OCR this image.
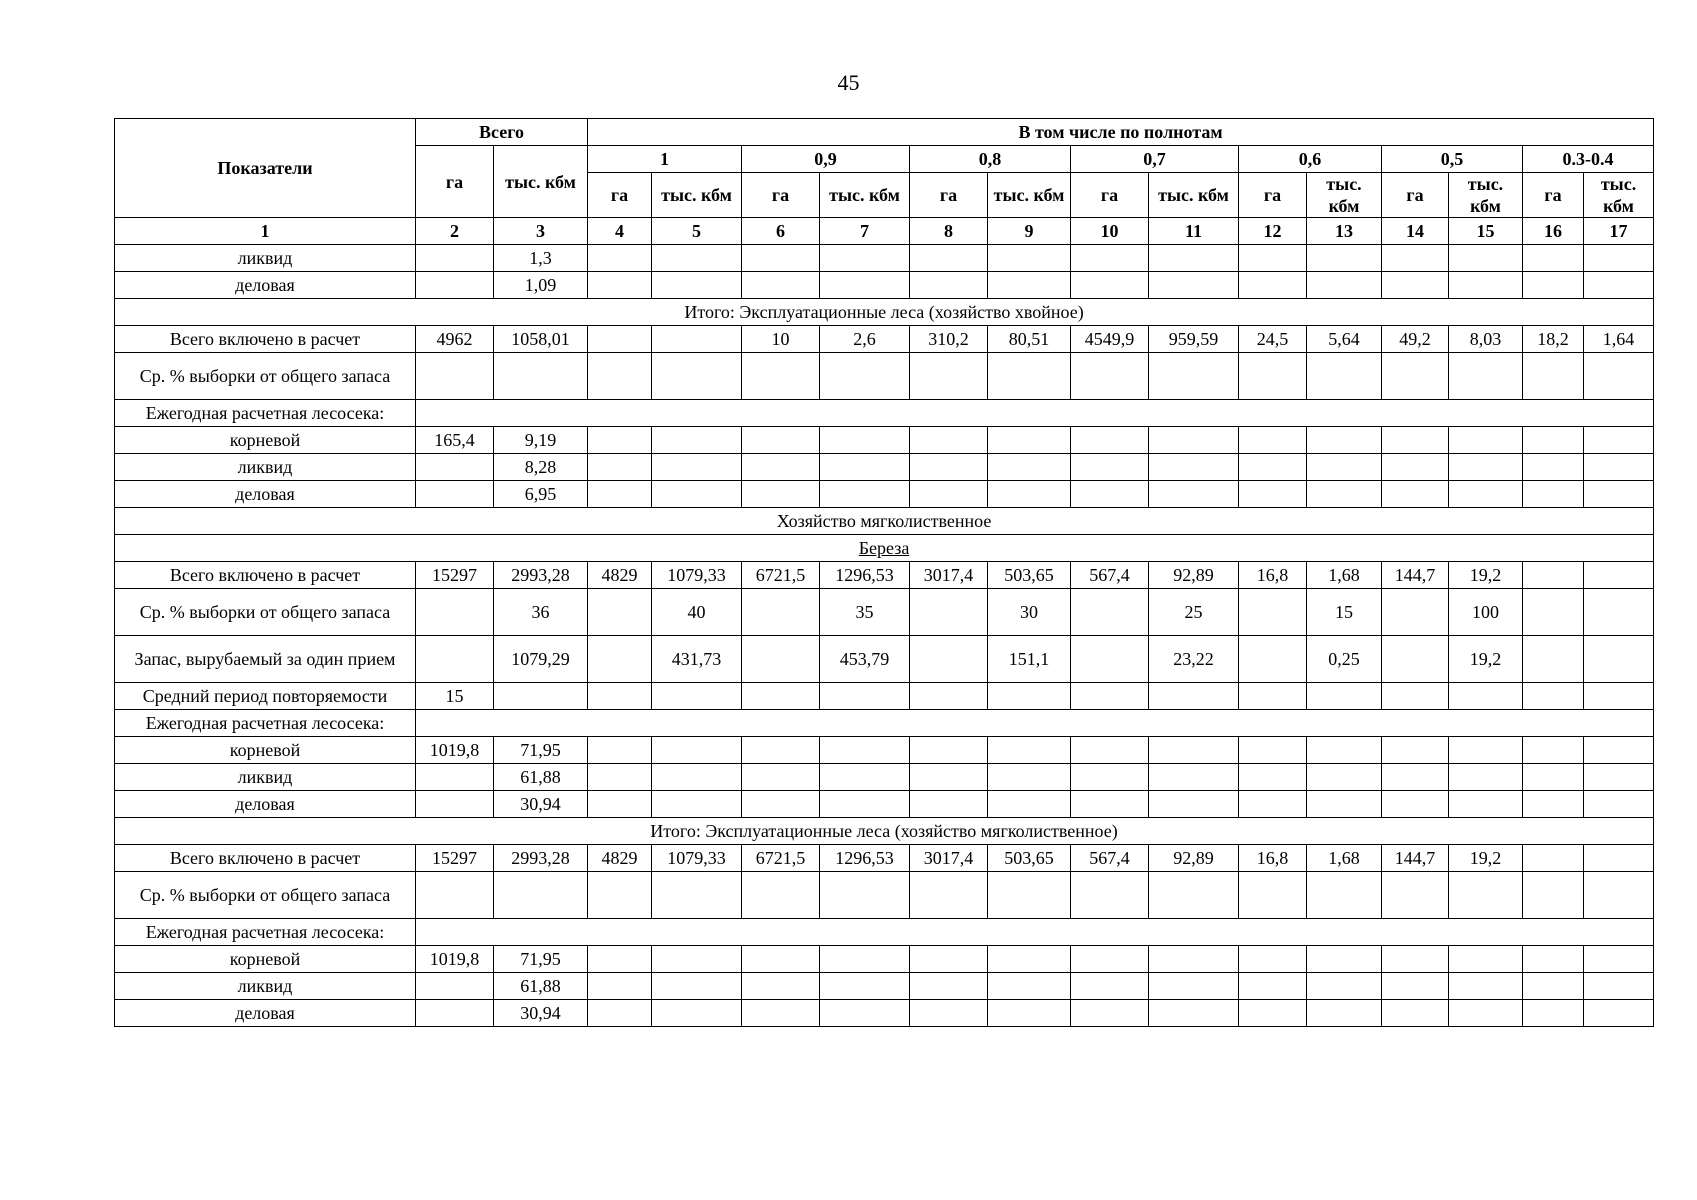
45
Показатели	Всего		В том числе по полнотам													
	га	тыс. кбм	1		0,9		0,8		0,7		0,6		0,5		0.3-0.4	
			га	тыс. кбм	га	тыс. кбм	га	тыс. кбм	га	тыс. кбм	га	тыс. кбм	га	тыс. кбм	га	тыс. кбм
1	2	3	4	5	6	7	8	9	10	11	12	13	14	15	16	17
ликвид		1,3														
деловая		1,09														
Итого: Эксплуатационные леса (хозяйство хвойное)																
Всего включено в расчет	4962	1058,01			10	2,6	310,2	80,51	4549,9	959,59	24,5	5,64	49,2	8,03	18,2	1,64
Ср. % выборки от общего запаса																
Ежегодная расчетная лесосека:																
корневой	165,4	9,19														
ликвид		8,28														
деловая		6,95														
Хозяйство мягколиственное																
Береза																
Всего включено в расчет	15297	2993,28	4829	1079,33	6721,5	1296,53	3017,4	503,65	567,4	92,89	16,8	1,68	144,7	19,2		
Ср. % выборки от общего запаса		36		40		35		30		25		15		100		
Запас, вырубаемый за один прием		1079,29		431,73		453,79		151,1		23,22		0,25		19,2		
Средний период повторяемости	15															
Ежегодная расчетная лесосека:																
корневой	1019,8	71,95														
ликвид		61,88														
деловая		30,94														
Итого: Эксплуатационные леса (хозяйство мягколиственное)																
Всего включено в расчет	15297	2993,28	4829	1079,33	6721,5	1296,53	3017,4	503,65	567,4	92,89	16,8	1,68	144,7	19,2		
Ср. % выборки от общего запаса																
Ежегодная расчетная лесосека:																
корневой	1019,8	71,95														
ликвид		61,88														
деловая		30,94														
